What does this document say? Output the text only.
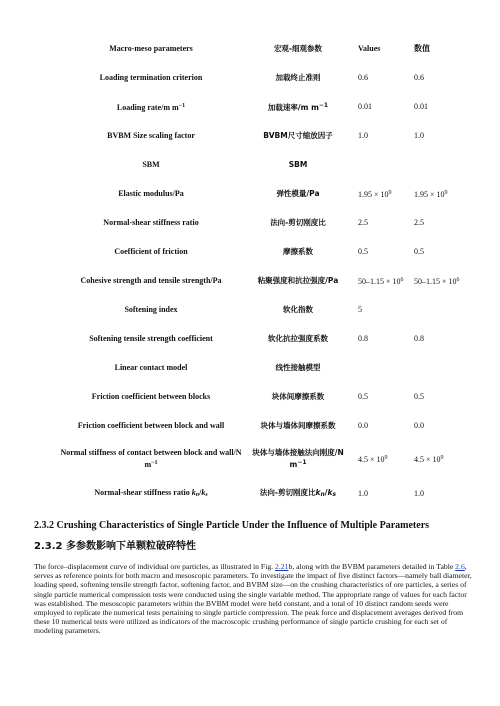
Macro-meso parameters	宏观-细观参数	Values	数值
Loading termination criterion	加载终止准则	0.6	0.6
Loading rate/m $m^{-1}$	加载速率/m $m^{-1}$	0.01	0.01
BVBM Size scaling factor	BVBM尺寸缩放因子	1.0	1.0
SBM	SBM		
Elastic modulus/Pa	弹性模量/Pa	$1.95 \times 10^9$	$1.95 \times 10^9$
Normal-shear stiffness ratio	法向-剪切刚度比	2.5	2.5
Coefficient of friction	摩擦系数	0.5	0.5
Cohesive strength and tensile strength/Pa	粘聚强度和抗拉强度/Pa	$50-1.15 \times 10^6$	$50-1.15 \times 10^6$
Softening index	软化指数	5	
Softening tensile strength coefficient	软化抗拉强度系数	0.8	0.8
Linear contact model	线性接触模型		
Friction coefficient between blocks	块体间摩擦系数	0.5	0.5
Friction coefficient between block and wall	块体与墙体间摩擦系数	0.0	0.0
Normal stiffness of contact between block and wall/N $m^{-1}$	块体与墙体接触法向刚度/N $m^{-1}$	$4.5 \times 10^9$	$4.5 \times 10^9$
Normal-shear stiffness ratio kn/ks	法向-剪切刚度比kn/ks	1.0	1.0
2.3.2 Crushing Characteristics of Single Particle Under the Influence of Multiple Parameters
2.3.2 多参数影响下单颗粒破碎特性

The force–displacement curve of individual ore particles, as illustrated in Fig. 2.21b, along with the BVBM parameters detailed in Table 2.6, serves as reference points for both macro and mesoscopic parameters. To investigate the impact of five distinct factors—namely ball diameter, loading speed, softening tensile strength factor, softening factor, and BVBM size—on the crushing characteristics of ore particles, a series of single particle numerical compression tests were conducted using the single variable method. The appropriate range of values for each factor was established. The mesoscopic parameters within the BVBM model were held constant, and a total of 10 distinct random seeds were employed to replicate the numerical tests pertaining to single particle compression. The peak force and displacement averages derived from these 10 numerical tests were utilized as indicators of the macroscopic crushing performance of single particle crushing for each set of modeling parameters.
